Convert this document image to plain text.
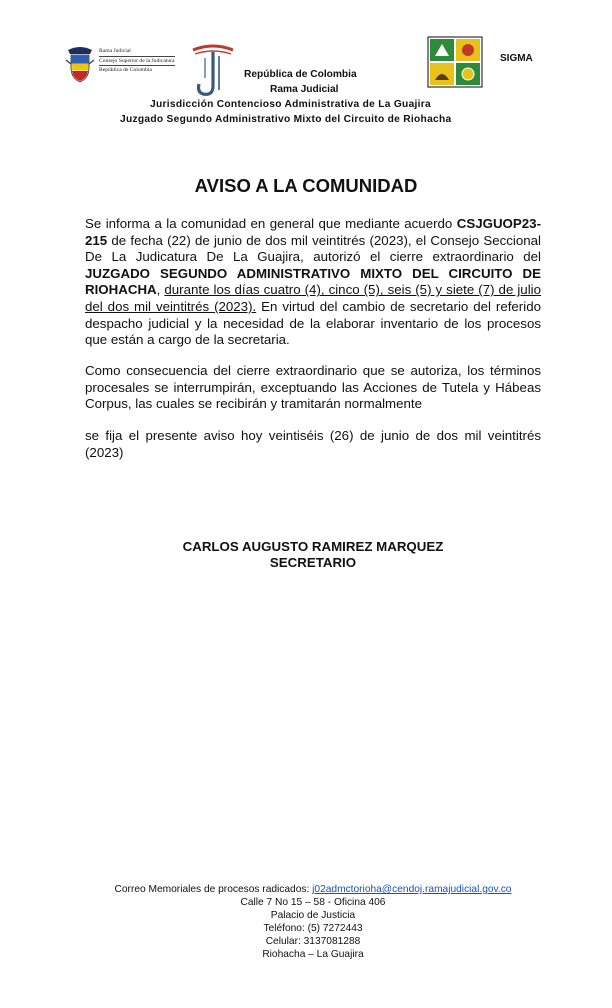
Rama Judicial
Consejo Superior de la Judicatura
República de Colombia
SIGMA
República de Colombia
Rama Judicial
Jurisdicción Contencioso Administrativa de La Guajira
Juzgado Segundo Administrativo Mixto del Circuito de Riohacha
AVISO A LA COMUNIDAD
Se informa a la comunidad en general que mediante acuerdo CSJGUOP23-215 de fecha (22) de junio de dos mil veintitrés (2023), el Consejo Seccional De La Judicatura De La Guajira, autorizó el cierre extraordinario del JUZGADO SEGUNDO ADMINISTRATIVO MIXTO DEL CIRCUITO DE RIOHACHA, durante los días cuatro (4), cinco (5), seis (5) y siete (7) de julio del dos mil veintitrés (2023). En virtud del cambio de secretario del referido despacho judicial y la necesidad de la elaborar inventario de los procesos que están a cargo de la secretaria.
Como consecuencia del cierre extraordinario que se autoriza, los términos procesales se interrumpirán, exceptuando las Acciones de Tutela y Hábeas Corpus, las cuales se recibirán y tramitarán normalmente
se fija el presente aviso hoy veintiséis (26) de junio de dos mil veintitrés (2023)
CARLOS AUGUSTO RAMIREZ MARQUEZ
SECRETARIO
Correo Memoriales de procesos radicados: j02admctorioha@cendoj.ramajudicial.gov.co
Calle 7 No 15 – 58 - Oficina 406
Palacio de Justicia
Teléfono: (5) 7272443
Celular: 3137081288
Riohacha – La Guajira
